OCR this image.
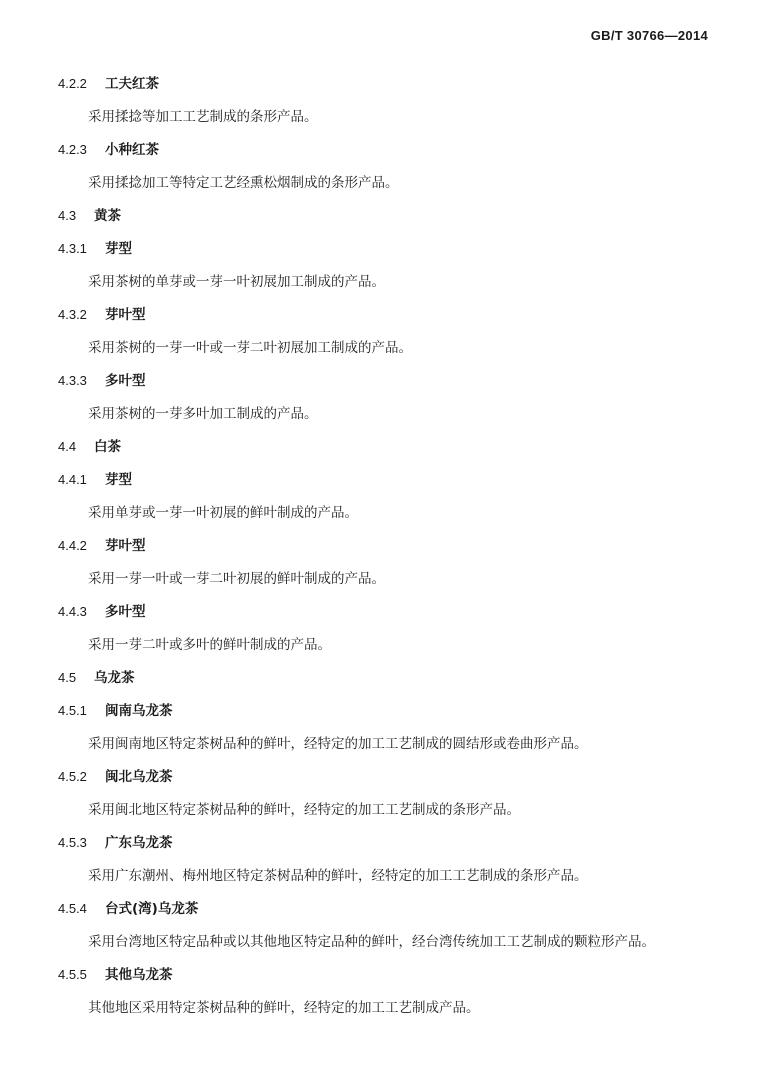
GB/T 30766—2014
4.2.2	工夫红茶
采用揉捻等加工工艺制成的条形产品。
4.2.3	小种红茶
采用揉捻加工等特定工艺经熏松烟制成的条形产品。
4.3	黄茶
4.3.1	芽型
采用茶树的单芽或一芽一叶初展加工制成的产品。
4.3.2	芽叶型
采用茶树的一芽一叶或一芽二叶初展加工制成的产品。
4.3.3	多叶型
采用茶树的一芽多叶加工制成的产品。
4.4	白茶
4.4.1	芽型
采用单芽或一芽一叶初展的鲜叶制成的产品。
4.4.2	芽叶型
采用一芽一叶或一芽二叶初展的鲜叶制成的产品。
4.4.3	多叶型
采用一芽二叶或多叶的鲜叶制成的产品。
4.5	乌龙茶
4.5.1	闽南乌龙茶
采用闽南地区特定茶树品种的鲜叶，经特定的加工工艺制成的圆结形或卷曲形产品。
4.5.2	闽北乌龙茶
采用闽北地区特定茶树品种的鲜叶，经特定的加工工艺制成的条形产品。
4.5.3	广东乌龙茶
采用广东潮州、梅州地区特定茶树品种的鲜叶，经特定的加工工艺制成的条形产品。
4.5.4	台式(湾)乌龙茶
采用台湾地区特定品种或以其他地区特定品种的鲜叶，经台湾传统加工工艺制成的颗粒形产品。
4.5.5	其他乌龙茶
其他地区采用特定茶树品种的鲜叶，经特定的加工工艺制成产品。
